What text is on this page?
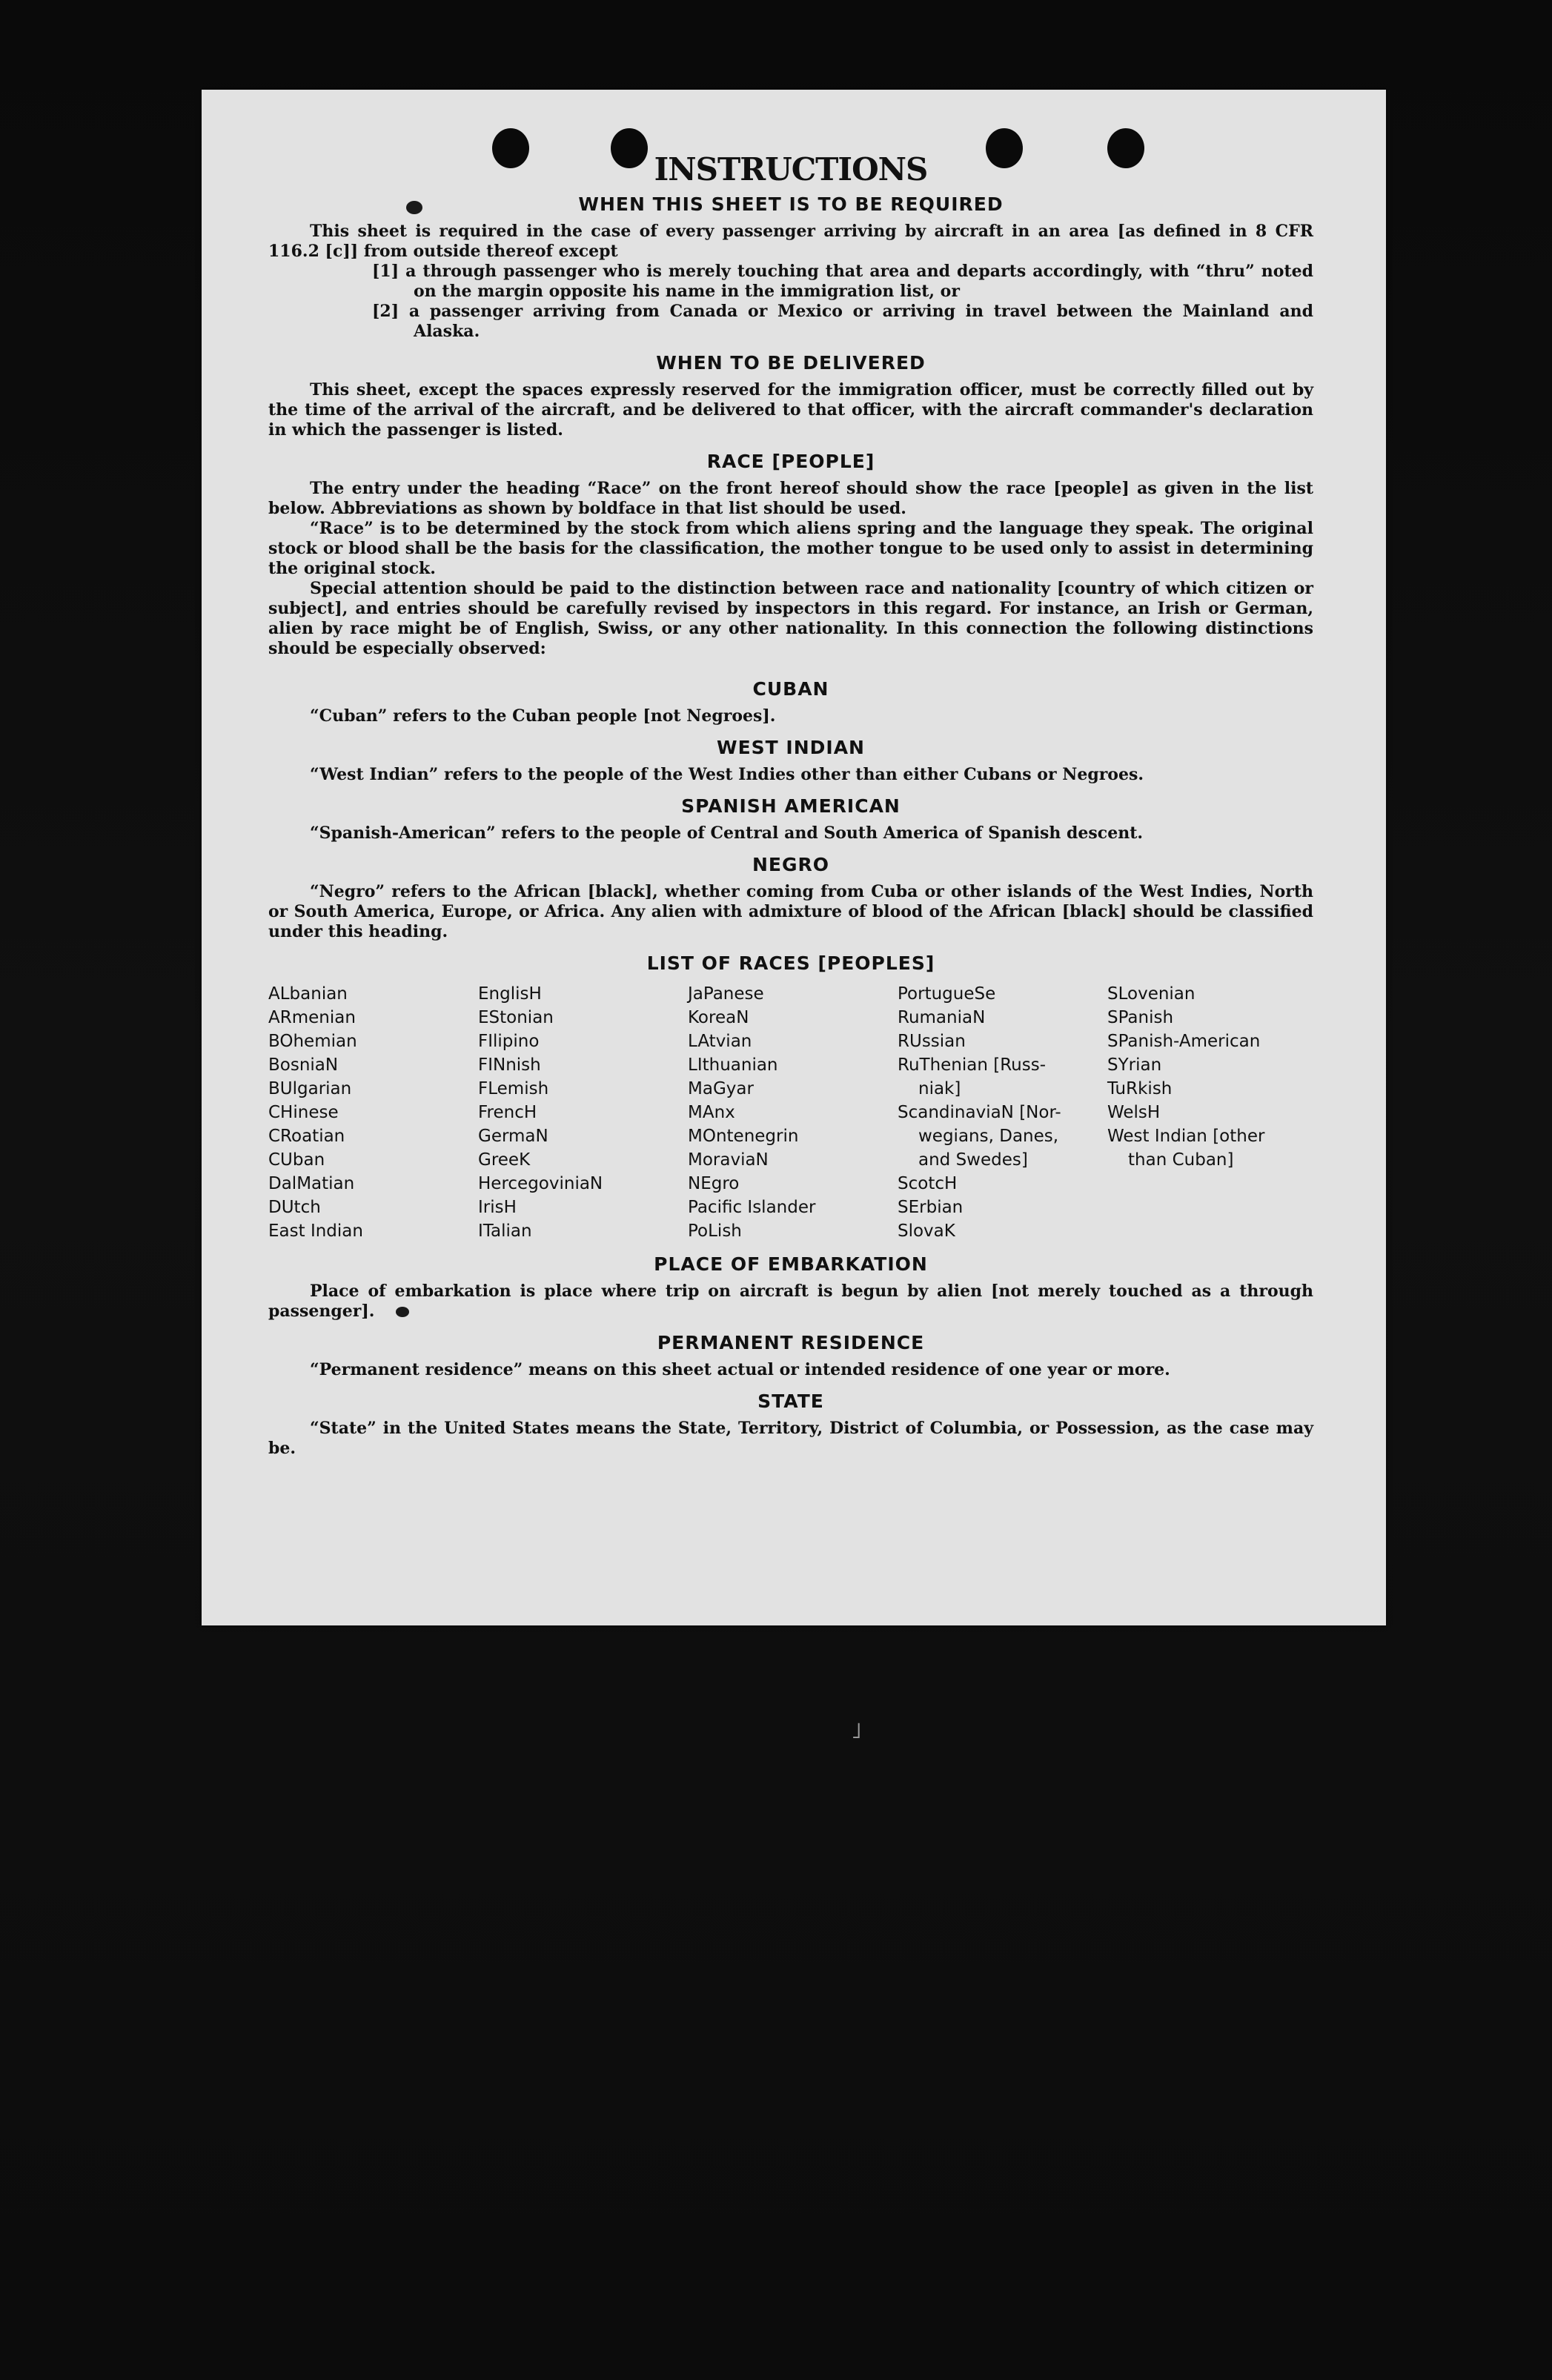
INSTRUCTIONS
WHEN THIS SHEET IS TO BE REQUIRED

This sheet is required in the case of every passenger arriving by aircraft in an area [as defined in 8 CFR 116.2 [c]] from outside thereof except

[1] a through passenger who is merely touching that area and departs accordingly, with “thru” noted on the margin opposite his name in the immigration list, or
[2] a passenger arriving from Canada or Mexico or arriving in travel between the Mainland and Alaska.
WHEN TO BE DELIVERED

This sheet, except the spaces expressly reserved for the immigration officer, must be correctly filled out by the time of the arrival of the aircraft, and be delivered to that officer, with the aircraft commander's declaration in which the passenger is listed.

RACE [PEOPLE]

The entry under the heading “Race” on the front hereof should show the race [people] as given in the list below. Abbreviations as shown by boldface in that list should be used.

“Race” is to be determined by the stock from which aliens spring and the language they speak. The original stock or blood shall be the basis for the classification, the mother tongue to be used only to assist in determining the original stock.

Special attention should be paid to the distinction between race and nationality [country of which citizen or subject], and entries should be carefully revised by inspectors in this regard. For instance, an Irish or German, alien by race might be of English, Swiss, or any other nationality. In this connection the following distinctions should be especially observed:

CUBAN

“Cuban” refers to the Cuban people [not Negroes].

WEST INDIAN

“West Indian” refers to the people of the West Indies other than either Cubans or Negroes.

SPANISH AMERICAN

“Spanish-American” refers to the people of Central and South America of Spanish descent.

NEGRO

“Negro” refers to the African [black], whether coming from Cuba or other islands of the West Indies, North or South America, Europe, or Africa. Any alien with admixture of blood of the African [black] should be classified under this heading.

LIST OF RACES [PEOPLES]
ALbanian
ARmenian
BOhemian
BosniaN
BUlgarian
CHinese
CRoatian
CUban
DalMatian
DUtch
East Indian
EnglisH
EStonian
FIlipino
FINnish
FLemish
FrencH
GermaN
GreeK
HercegoviniaN
IrisH
ITalian
JaPanese
KoreaN
LAtvian
LIthuanian
MaGyar
MAnx
MOntenegrin
MoraviaN
NEgro
Pacific Islander
PoLish
PortugueSe
RumaniaN
RUssian
RuThenian [Russ-
niak]
ScandinaviaN [Nor-
wegians, Danes,
and Swedes]
ScotcH
SErbian
SlovaK
SLovenian
SPanish
SPanish-American
SYrian
TuRkish
WelsH
West Indian [other
than Cuban]
PLACE OF EMBARKATION

Place of embarkation is place where trip on aircraft is begun by alien [not merely touched as a through passenger].

PERMANENT RESIDENCE

“Permanent residence” means on this sheet actual or intended residence of one year or more.

STATE

“State” in the United States means the State, Territory, District of Columbia, or Possession, as the case may be.

˩
